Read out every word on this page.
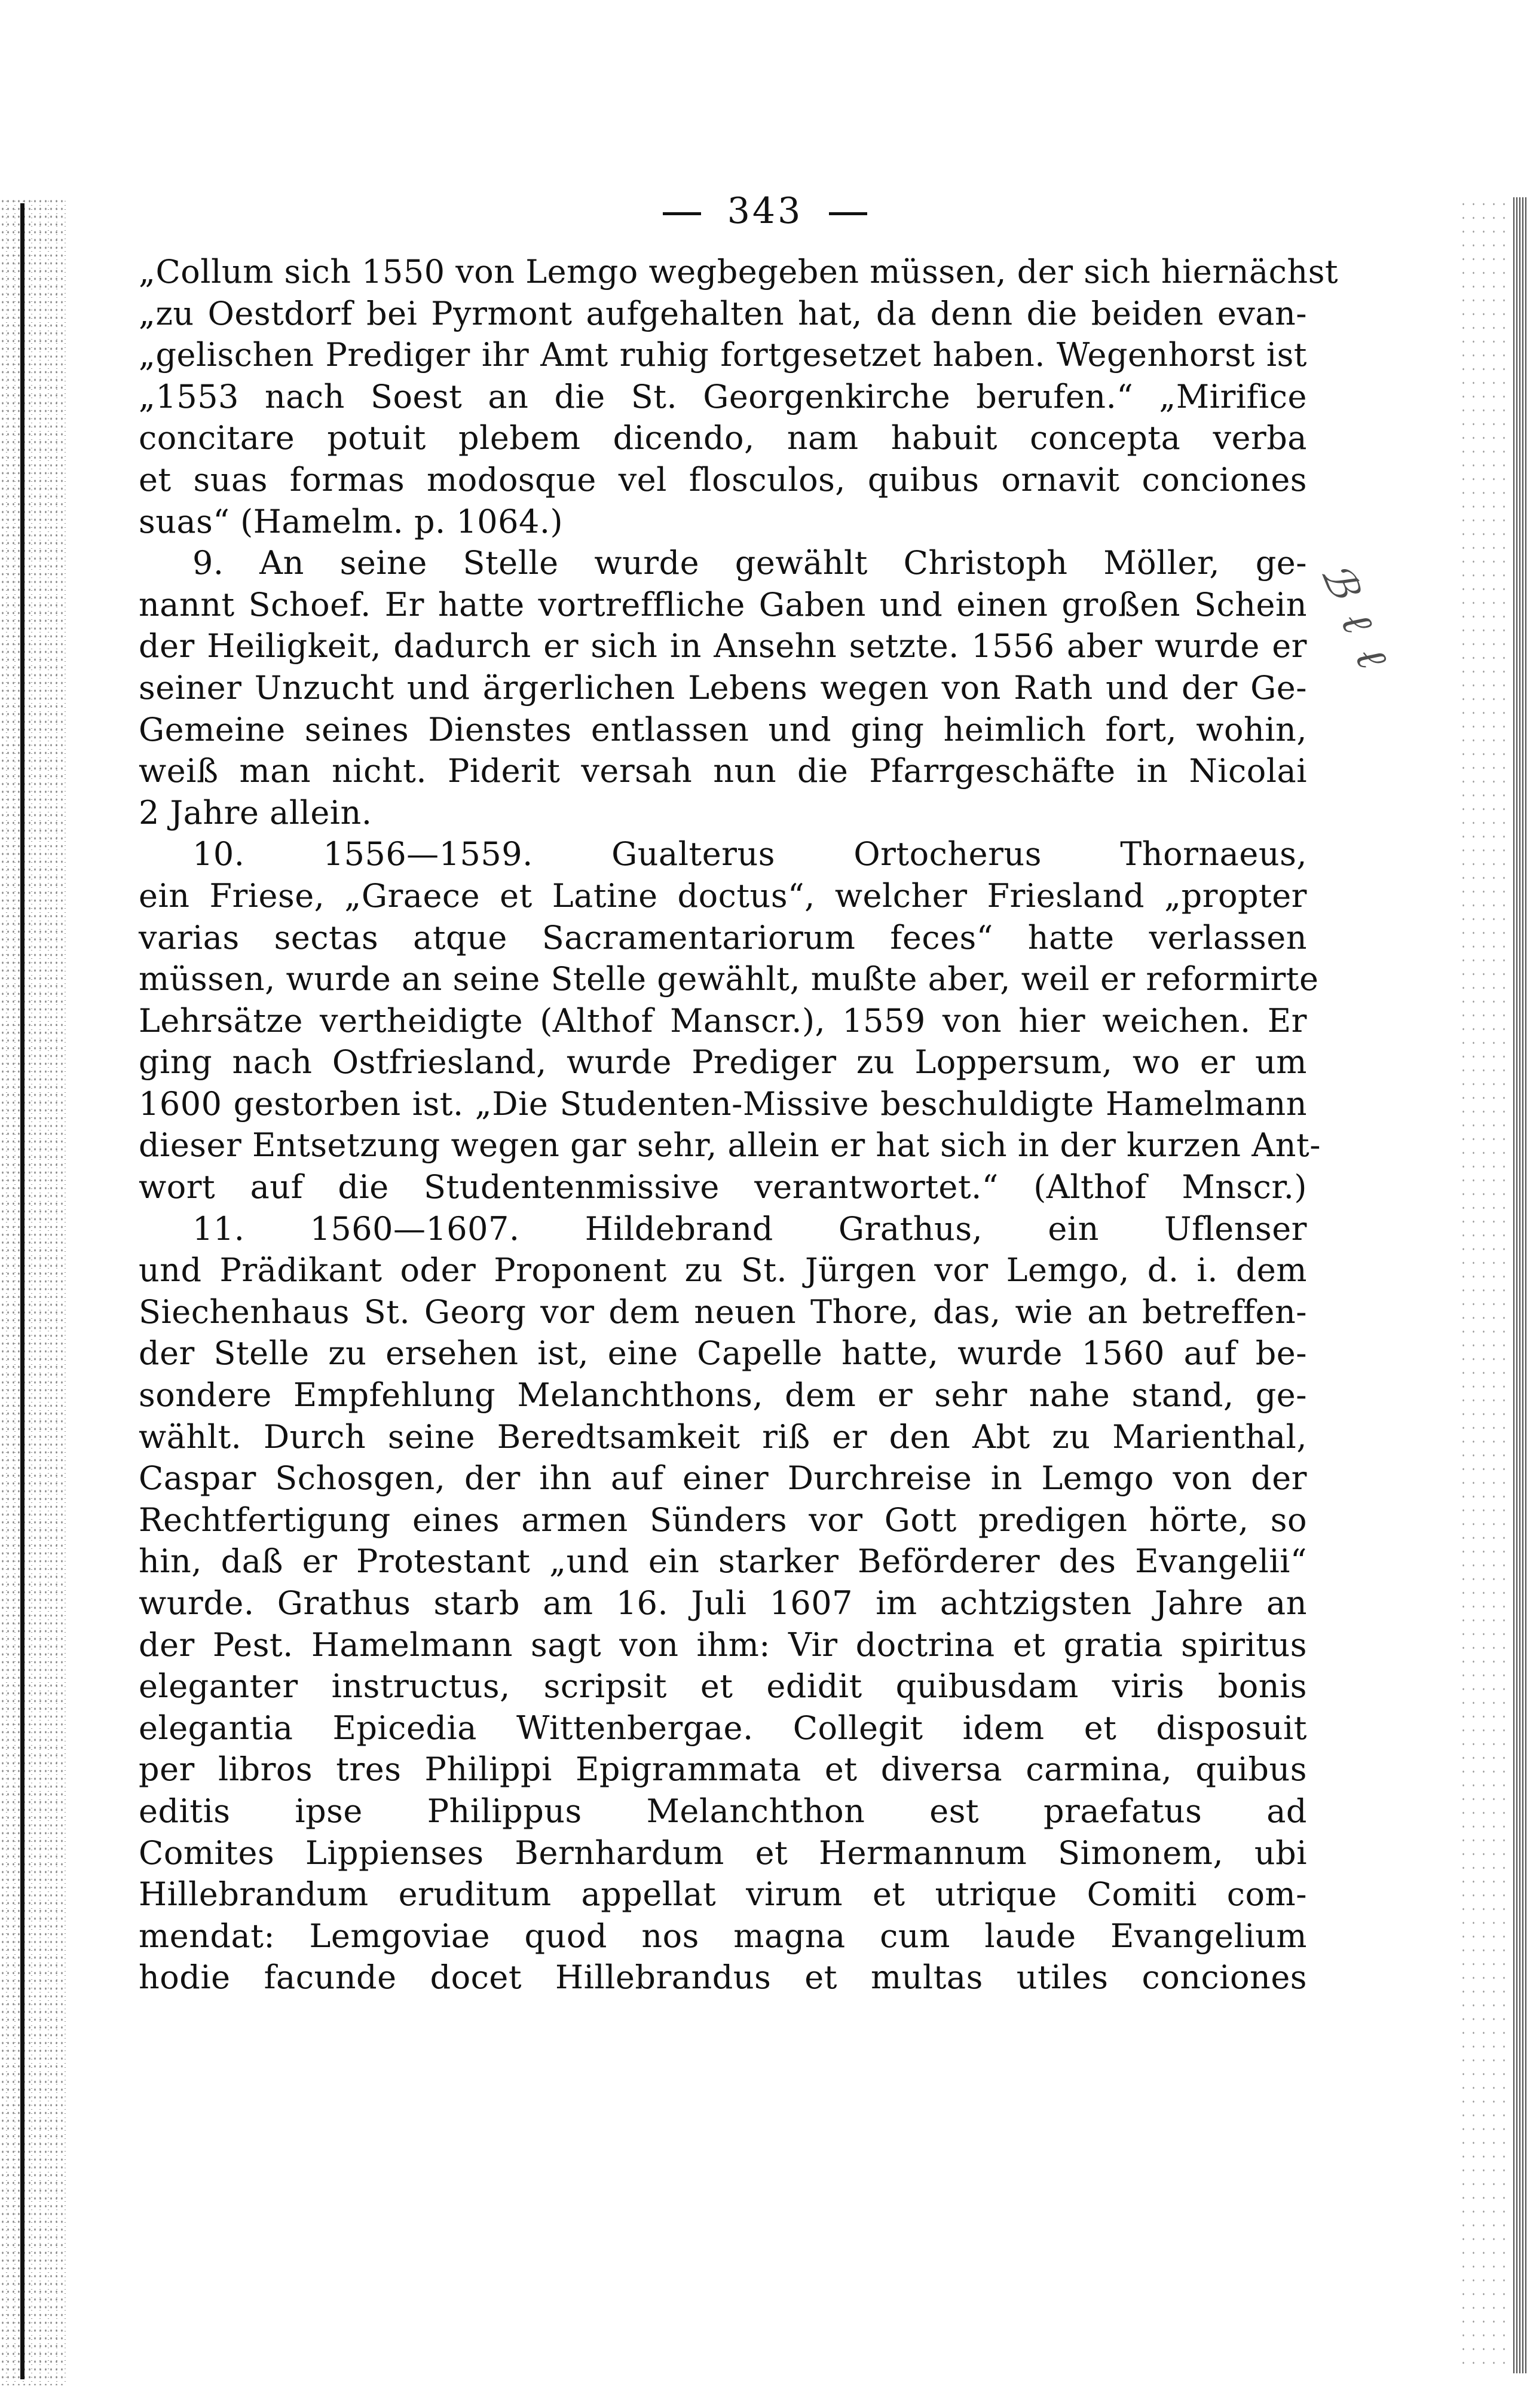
ℬ ℓ ℓ
343
„Collum sich 1550 von Lemgo wegbegeben müssen, der sich hiernächst
„zu Oestdorf bei Pyrmont aufgehalten hat, da denn die beiden evan-
„gelischen Prediger ihr Amt ruhig fortgesetzet haben. Wegenhorst ist
„1553 nach Soest an die St. Georgenkirche berufen.“ „Mirifice
concitare potuit plebem dicendo, nam habuit concepta verba
et suas formas modosque vel flosculos, quibus ornavit conciones
suas“ (Hamelm. p. 1064.)
9. An seine Stelle wurde gewählt Christoph Möller, ge-
nannt Schoef. Er hatte vortreffliche Gaben und einen großen Schein
der Heiligkeit, dadurch er sich in Ansehn setzte. 1556 aber wurde er
seiner Unzucht und ärgerlichen Lebens wegen von Rath und der Ge-
Gemeine seines Dienstes entlassen und ging heimlich fort, wohin,
weiß man nicht. Piderit versah nun die Pfarrgeschäfte in Nicolai
2 Jahre allein.
10. 1556—1559. Gualterus Ortocherus Thornaeus,
ein Friese, „Graece et Latine doctus“, welcher Friesland „propter
varias sectas atque Sacramentariorum feces“ hatte verlassen
müssen, wurde an seine Stelle gewählt, mußte aber, weil er reformirte
Lehrsätze vertheidigte (Althof Manscr.), 1559 von hier weichen. Er
ging nach Ostfriesland, wurde Prediger zu Loppersum, wo er um
1600 gestorben ist. „Die Studenten-Missive beschuldigte Hamelmann
dieser Entsetzung wegen gar sehr, allein er hat sich in der kurzen Ant-
wort auf die Studentenmissive verantwortet.“ (Althof Mnscr.)
11. 1560—1607. Hildebrand Grathus, ein Uflenser
und Prädikant oder Proponent zu St. Jürgen vor Lemgo, d. i. dem
Siechenhaus St. Georg vor dem neuen Thore, das, wie an betreffen-
der Stelle zu ersehen ist, eine Capelle hatte, wurde 1560 auf be-
sondere Empfehlung Melanchthons, dem er sehr nahe stand, ge-
wählt. Durch seine Beredtsamkeit riß er den Abt zu Marienthal,
Caspar Schosgen, der ihn auf einer Durchreise in Lemgo von der
Rechtfertigung eines armen Sünders vor Gott predigen hörte, so
hin, daß er Protestant „und ein starker Beförderer des Evangelii“
wurde. Grathus starb am 16. Juli 1607 im achtzigsten Jahre an
der Pest. Hamelmann sagt von ihm: Vir doctrina et gratia spiritus
eleganter instructus, scripsit et edidit quibusdam viris bonis
elegantia Epicedia Wittenbergae. Collegit idem et disposuit
per libros tres Philippi Epigrammata et diversa carmina, quibus
editis ipse Philippus Melanchthon est praefatus ad
Comites Lippienses Bernhardum et Hermannum Simonem, ubi
Hillebrandum eruditum appellat virum et utrique Comiti com-
mendat: Lemgoviae quod nos magna cum laude Evangelium
hodie facunde docet Hillebrandus et multas utiles conciones
